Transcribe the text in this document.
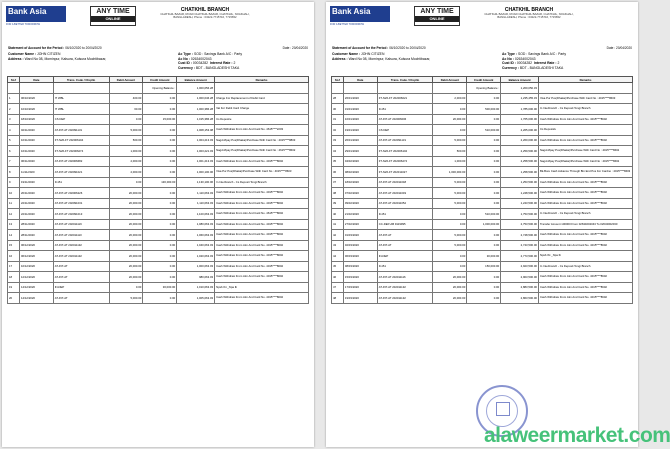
Bank Asia
FOR A BETTER TOMORROW
ANY TIME
ONLINE
CHATKHIL BRANCH
CHATKHIL BAZAR, ROAD CHATKHIL BAZAR, CHATKHIL, NOAKHALI, BANGLADESH, Phone : 03222-7715716, 7715652
Statement of Account for the Period : 06/10/2020 to 20/04/2020	Date : 20/04/2020
Customer Name : JOHN CITIZEN
Address : Ward No 08, Mominpur, Kalsura, Kulsura Mochtibazar,
Ac Type : SOD : Savings Bank A/C : Party
Ac No : 02634002043
Cust ID : 00034282 Interest Rate : 2
Currency : BDT - BANGLADESHI TAKA
SL#	Date	Trans. Code / Chq.No	Debit Amount	Credit Amount	Balance Amount	Remarks
				Opening Balance :	1,000,056.28	
1	06/10/2020	IT WBL	400.00	0.00	1,000,046.28	Charge For Replacement of Debit Card
2	10/10/2020	IT WBL	60.00	0.00	1,000,386.28	Vat For Debit Card Charge
3	18/10/2020	CS DEP	0.00	15,000.00	1,015,386.28	Cs Depost/e
4	02/11/2020	AT-INT-AT 202091131	5,000.00	0.00	1,008,153.08	Cash Withdraw From Atm And Card No. 4615****2203
5	10/11/2020	FT-N26-FT 202006104	500.00	0.00	1,004,213.03	Nagd-Mpay Pos(Dhaka)/Purchase With Card No : 4015****8803
6	16/11/2020	FT-N26-FT 202006274	1,000.00	0.00	1,003,221.03	Nagd-Mpay Pos(Dhaka)/Purchase With Card No : 4615****8602
7	06/11/2020	AT-INT-AT 202006682	2,000.00	0.00	1,001,213.03	Cash Withdraw From Atm And Card No. 4015****8602
8	11/11/2020	AT-INT-AT 202091021	2,000.00	0.00	1,000,100.06	Visa Pur Pos(Dhaka)/Purchase With Card No : 4015****8603
9	19/11/2020	IC-B1	0.00	130,000.00	1,130,100.06	In Interbranch - Cs Deposit Tongi Branch
10	20/11/2020	AT-INT-AT 202006226	20,000.00	0.00	1,110,063.03	Cash Withdraw From Atm And Card No. 4015****8602
11	22/11/2020	AT-INT-AT 202091031	20,000.00	0.00	1,110,063.03	Cash Withdraw From Atm And Card No. 4015****8602
12	22/11/2020	AT-INT-AT 202091013	20,000.00	0.00	1,100,063.03	Cash Withdraw From Atm And Card No. 4615****8602
13	28/11/2020	AT-INT-AT 202011119	20,000.00	0.00	1,080,063.03	Cash Withdraw From Atm And Card No. 4015****8602
14	28/11/2020	AT-INT-AT 202011110	20,000.00	0.00	1,060,063.03	Cash Withdraw From Atm And Card No. 4015****8602
15	06/12/2020	AT-INT-AT 202011132	20,000.00	0.00	1,040,063.03	Cash Withdraw From Atm And Card No. 4015****8602
16	06/12/2020	AT-INT-AT 202011132	20,000.00	0.00	1,020,063.03	Cash Withdraw From Atm And Card No. 4015****8602
17	10/12/2020	AT-INT-AT	20,000.00	0.00	1,000,063.03	Cash Withdraw From Atm And Card No. 4015****8602
18	12/12/2020	AT-INT-AT	20,000.00	0.00	980,063.03	Cash Withdraw From Atm And Card No. 4015****8602
19	14/12/2020	IN-DEP	0.00	30,000.00	1,010,063.03	Npsb Ibt _Npa Ib
20	14/12/2020	AT-INT-AT	5,000.00	0.00	1,005,063.03	Cash Withdraw From Atm And Card No. 4015****8602
Bank Asia
FOR A BETTER TOMORROW
ANY TIME
ONLINE
CHATKHIL BRANCH
CHATKHIL BAZAR, ROAD CHATKHIL BAZAR, CHATKHIL, NOAKHALI, BANGLADESH, Phone : 03222-7715716, 7715652
Statement of Account for the Period : 06/10/2020 to 20/04/2020	Date : 20/04/2020
Customer Name : JOHN CITIZEN
Address : Ward No 08, Mominpur, Kalsura, Kulsura Mochtibazar,
Ac Type : SOD : Savings Bank A/C : Party
Ac No : 02634002043
Cust ID : 00034282 Interest Rate : 2
Currency : BDT - BANGLADESHI TAKA
SL#	Date	Trans. Code / Chq.No	Debit Amount	Credit Amount	Balance Amount	Remarks
				Opening Balance :	1,200,050.33	
28	26/01/2020	FT-N26-FT 202006021	2,000.00	0.00	1,235,455.33	Visa Pur Pos(Dhaka)/Purchase With Card No : 4015****8603
30	31/01/2020	IC-B1	0.00	500,000.00	1,785,000.00	In Interbranch - Cs Deposit Tongi Branch
31	10/01/2020	AT-INT-AT 202006006	20,000.00	0.00	1,765,000.00	Cash Withdraw From Atm And Card No. 4015****8602
32	19/01/2020	CS DEP	0.00	510,000.00	2,265,000.00	Cs Deposit/e
33	26/01/2020	AT-INT-AT 202091131	5,000.00	0.00	2,260,000.00	Cash Withdraw From Atm And Card No. 4015****8602
34	29/01/2020	FT-N26-FT 202006104	500.00	0.00	2,259,500.00	Nagd-Mpay Pos(Dhaka)/Purchase With Card No : 4015****8602
35	04/02/2020	FT-N26-FT 202006274	1,000.00	0.00	2,258,500.00	Nagd-Mpay Pos(Dhaka)/Purchase With Card No : 4015****8602
36	08/02/2020	FT-N26-FT 202011027	1,000,000.00	0.00	1,258,500.00	Bk-Bore Cash Advance Through Bin End Pos For Cardno : 4015****8603
37	18/02/2020	AT-INT-AT 202011048	5,000.00	0.00	1,253,500.00	Cash Withdraw From Atm And Card No. 4015****8602
38	07/02/2020	AT-INT-AT 202011049	5,000.00	0.00	1,248,500.00	Cash Withdraw From Atm And Card No. 4015****8602
39	09/02/2020	AT-INT-AT 202011052	5,000.00	0.00	1,243,500.00	Cash Withdraw From Atm And Card No. 4015****8602
40	21/02/2020	IC-B1	0.00	510,000.00	1,753,500.00	In Interbranch - Cs Deposit Tongi Branch
41	27/02/2020	CC-DEP-AB 9119995	0.00	1,000,000.00	2,753,500.00	Transfer Amount 100000 From 02634002043 To 02634002030
42	01/03/2020	AT-INT-AT	5,000.00	0.00	2,748,500.00	Cash Withdraw From Atm And Card No. 4015****8602
43	02/03/2020	AT-INT-AT	5,000.00	0.00	2,743,500.00	Cash Withdraw From Atm And Card No. 4015****8602
44	06/03/2020	IN-DEP	0.00	30,000.00	2,773,500.00	Npsb Ibt _Npa Ib
45	08/03/2020	IC-B1	0.00	150,000.00	2,923,500.00	In Interbranch - Cs Deposit Tongi Branch
46	15/03/2020	AT-INT-AT 202011116	20,000.00	0.00	2,903,500.00	Cash Withdraw From Atm And Card No. 4015****8602
47	17/03/2020	AT-INT-AT 202011132	20,000.00	0.00	2,883,500.00	Cash Withdraw From Atm And Card No. 4015****8602
48	19/03/2020	AT-INT-AT 202011132	20,000.00	0.00	2,863,500.00	Cash Withdraw From Atm And Card No. 4015****8602
alaweermarket.com
